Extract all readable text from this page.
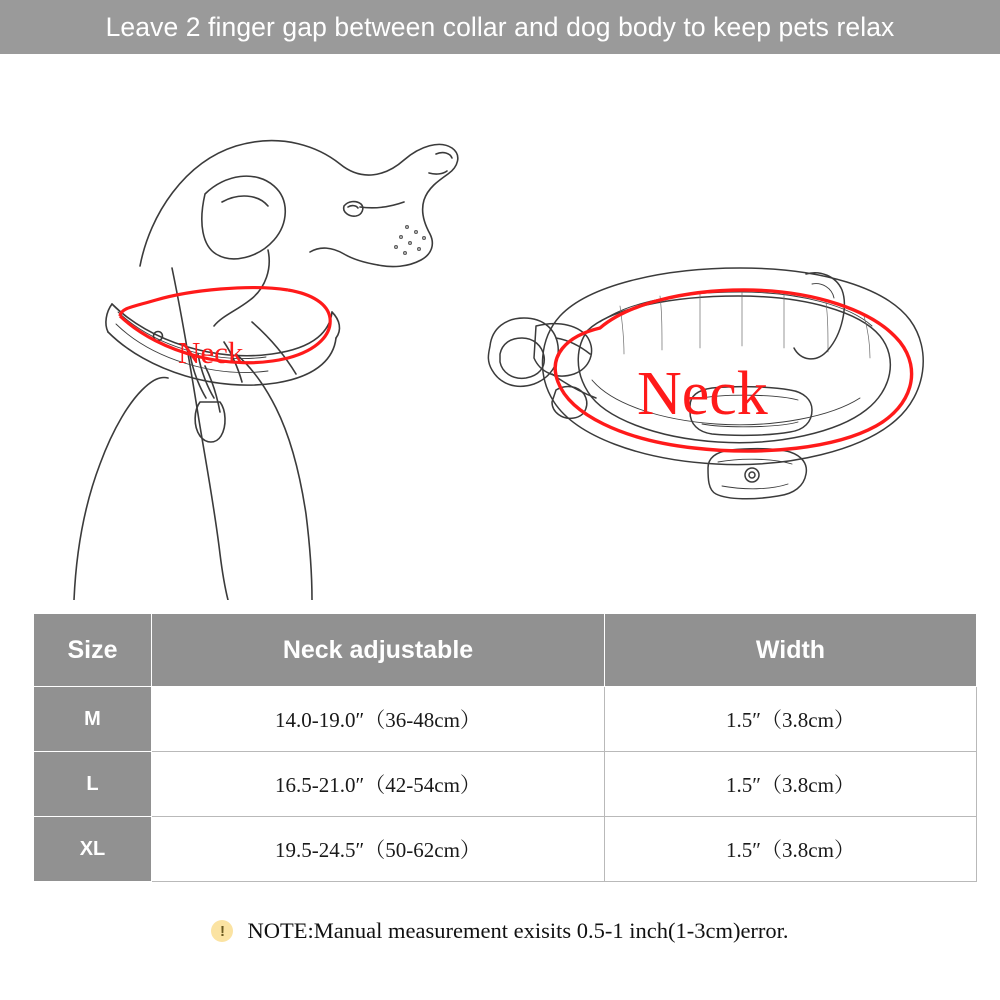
Leave 2 finger gap between collar and dog body to keep pets relax
Neck
Neck
Size	Neck adjustable	Width
M	14.0-19.0″（36-48cm）	1.5″（3.8cm）
L	16.5-21.0″（42-54cm）	1.5″（3.8cm）
XL	19.5-24.5″（50-62cm）	1.5″（3.8cm）
!	NOTE:Manual measurement exisits 0.5-1 inch(1-3cm)error.
